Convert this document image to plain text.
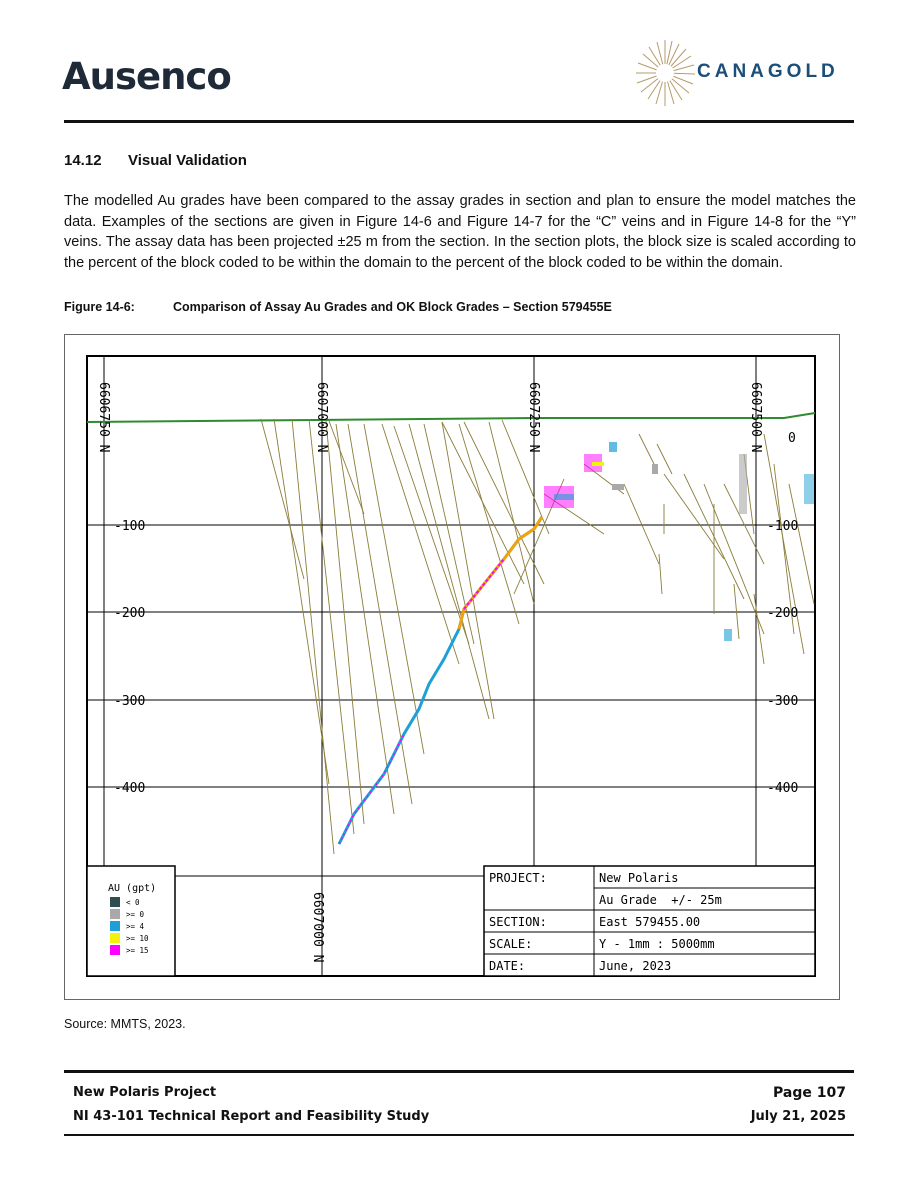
Ausenco	CANAGOLD
14.12 Visual Validation
The modelled Au grades have been compared to the assay grades in section and plan to ensure the model matches the data. Examples of the sections are given in Figure 14-6 and Figure 14-7 for the “C” veins and in Figure 14-8 for the “Y” veins. The assay data has been projected ±25 m from the section. In the section plots, the block size is scaled according to the percent of the block coded to be within the domain to the percent of the block coded to be within the domain.
Figure 14-6:	Comparison of Assay Au Grades and OK Block Grades – Section 579455E
6606750 N	6607000 N	6607250 N	6607500 N
6607000 N
-100
-200
-300
-400
0
-100
-200
-300
-400
AU (gpt)
< 0
>= 0
>= 4
>= 10
>= 15
PROJECT:	New Polaris
Au Grade  +/- 25m
SECTION:	East 579455.00
SCALE:	Y - 1mm : 5000mm
DATE:	June, 2023
Source: MMTS, 2023.
New Polaris Project
NI 43-101 Technical Report and Feasibility Study
Page 107
July 21, 2025
